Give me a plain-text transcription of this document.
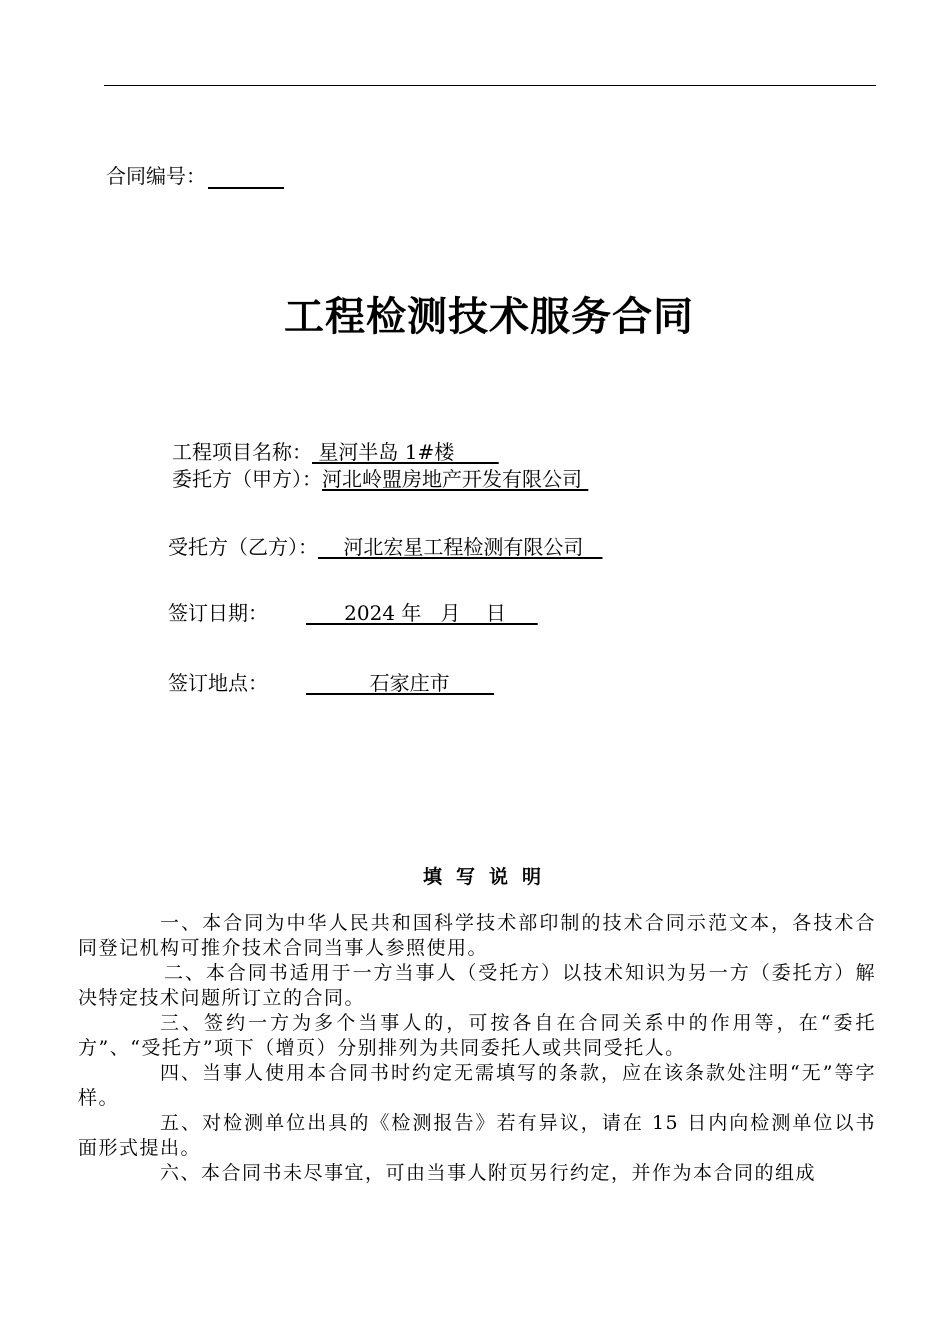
合同编号：
工程检测技术服务合同
工程项目名称： 星河半岛 1#楼
委托方（甲方）：河北岭盟房地产开发有限公司
受托方（乙方）：    河北宏星工程检测有限公司
签订日期：      2024 年   月    日
签订地点：          石家庄市
填写说明
一、本合同为中华人民共和国科学技术部印制的技术合同示范文本，各技术合同登记机构可推介技术合同当事人参照使用。
二、本合同书适用于一方当事人（受托方）以技术知识为另一方（委托方）解决特定技术问题所订立的合同。
三、签约一方为多个当事人的，可按各自在合同关系中的作用等，在“委托方”、“受托方”项下（增页）分别排列为共同委托人或共同受托人。
四、当事人使用本合同书时约定无需填写的条款，应在该条款处注明“无”等字样。
五、对检测单位出具的《检测报告》若有异议，请在 15 日内向检测单位以书面形式提出。
六、本合同书未尽事宜，可由当事人附页另行约定，并作为本合同的组成
